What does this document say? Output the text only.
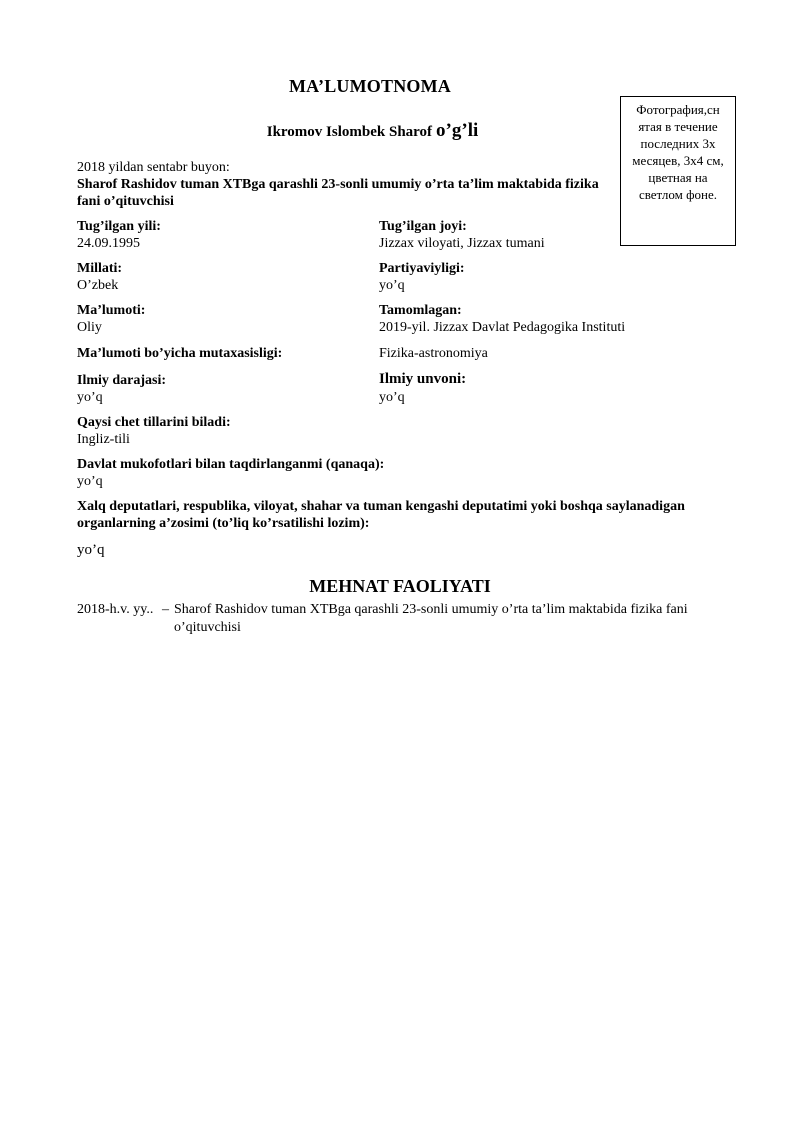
MA’LUMOTNOMA
Ikromov Islombek Sharof o’g’li
Фотография,сн ятая в течение последних 3х месяцев, 3x4 см, цветная на светлом фоне.
2018 yildan sentabr buyon:
Sharof Rashidov tuman XTBga qarashli 23-sonli umumiy o’rta ta’lim maktabida fizika fani o’qituvchisi
Tug’ilgan yili:
24.09.1995
Tug’ilgan joyi:
Jizzax viloyati, Jizzax tumani
Millati:
O’zbek
Partiyaviyligi:
yo’q
Ma’lumoti:
Oliy
Tamomlagan:
2019-yil. Jizzax Davlat Pedagogika Instituti
Ma’lumoti bo’yicha mutaxasisligi:	Fizika-astronomiya
Ilmiy darajasi:
yo’q
Ilmiy unvoni:
yo’q
Qaysi chet tillarini biladi:
Ingliz-tili
Davlat mukofotlari bilan taqdirlanganmi (qanaqa):
yo’q
Xalq deputatlari, respublika, viloyat, shahar va tuman kengashi deputatimi yoki boshqa saylanadigan organlarning a’zosimi (to’liq ko’rsatilishi lozim):
yo’q
MEHNAT FAOLIYATI
2018-h.v. yy.. – Sharof Rashidov tuman XTBga qarashli 23-sonli umumiy o’rta ta’lim maktabida fizika fani o’qituvchisi
